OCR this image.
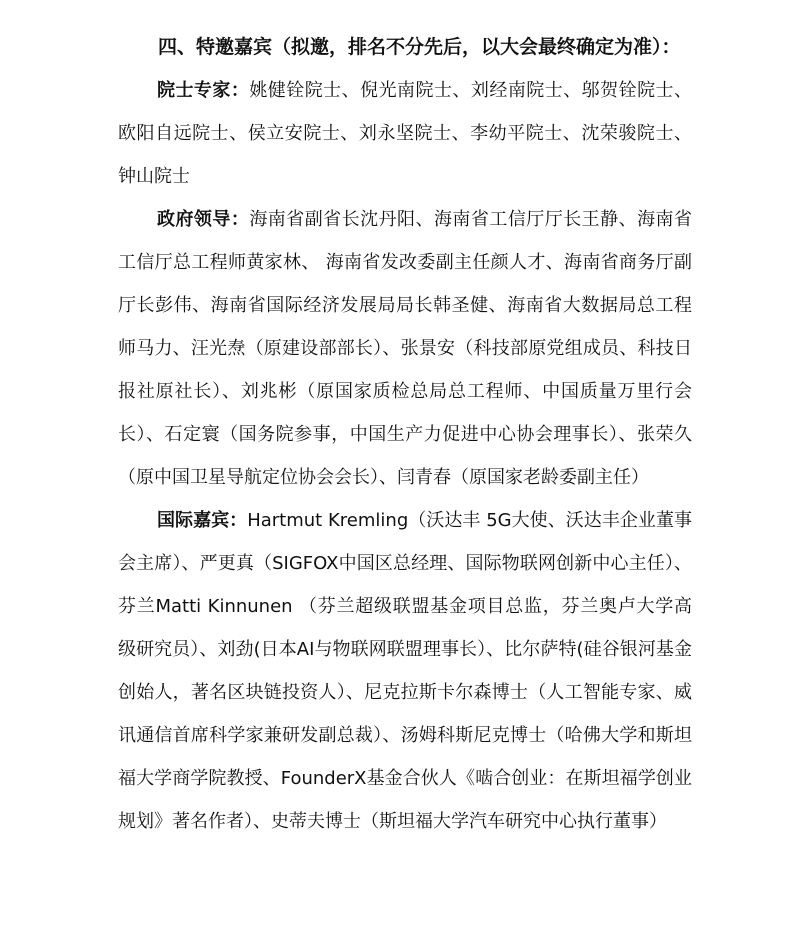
四、特邀嘉宾（拟邀，排名不分先后，以大会最终确定为准）：

院士专家：姚健铨院士、倪光南院士、刘经南院士、邬贺铨院士、欧阳自远院士、侯立安院士、刘永坚院士、李幼平院士、沈荣骏院士、钟山院士

政府领导：海南省副省长沈丹阳、海南省工信厅厅长王静、海南省工信厅总工程师黄家林、 海南省发改委副主任颜人才、海南省商务厅副厅长彭伟、海南省国际经济发展局局长韩圣健、海南省大数据局总工程师马力、汪光焘（原建设部部长）、张景安（科技部原党组成员、科技日报社原社长）、刘兆彬（原国家质检总局总工程师、中国质量万里行会长）、石定寰（国务院参事，中国生产力促进中心协会理事长）、张荣久 （原中国卫星导航定位协会会长）、闫青春（原国家老龄委副主任）

国际嘉宾：Hartmut Kremling（沃达丰 5G大使、沃达丰企业董事会主席）、严更真（SIGFOX中国区总经理、国际物联网创新中心主任）、芬兰Matti Kinnunen （芬兰超级联盟基金项目总监，芬兰奥卢大学高级研究员）、刘劲(日本AI与物联网联盟理事长）、比尔萨特(硅谷银河基金创始人，著名区块链投资人）、尼克拉斯卡尔森博士（人工智能专家、威讯通信首席科学家兼研发副总裁）、汤姆科斯尼克博士（哈佛大学和斯坦福大学商学院教授、FounderX基金合伙人《啮合创业：在斯坦福学创业规划》著名作者）、史蒂夫博士（斯坦福大学汽车研究中心执行董事）
